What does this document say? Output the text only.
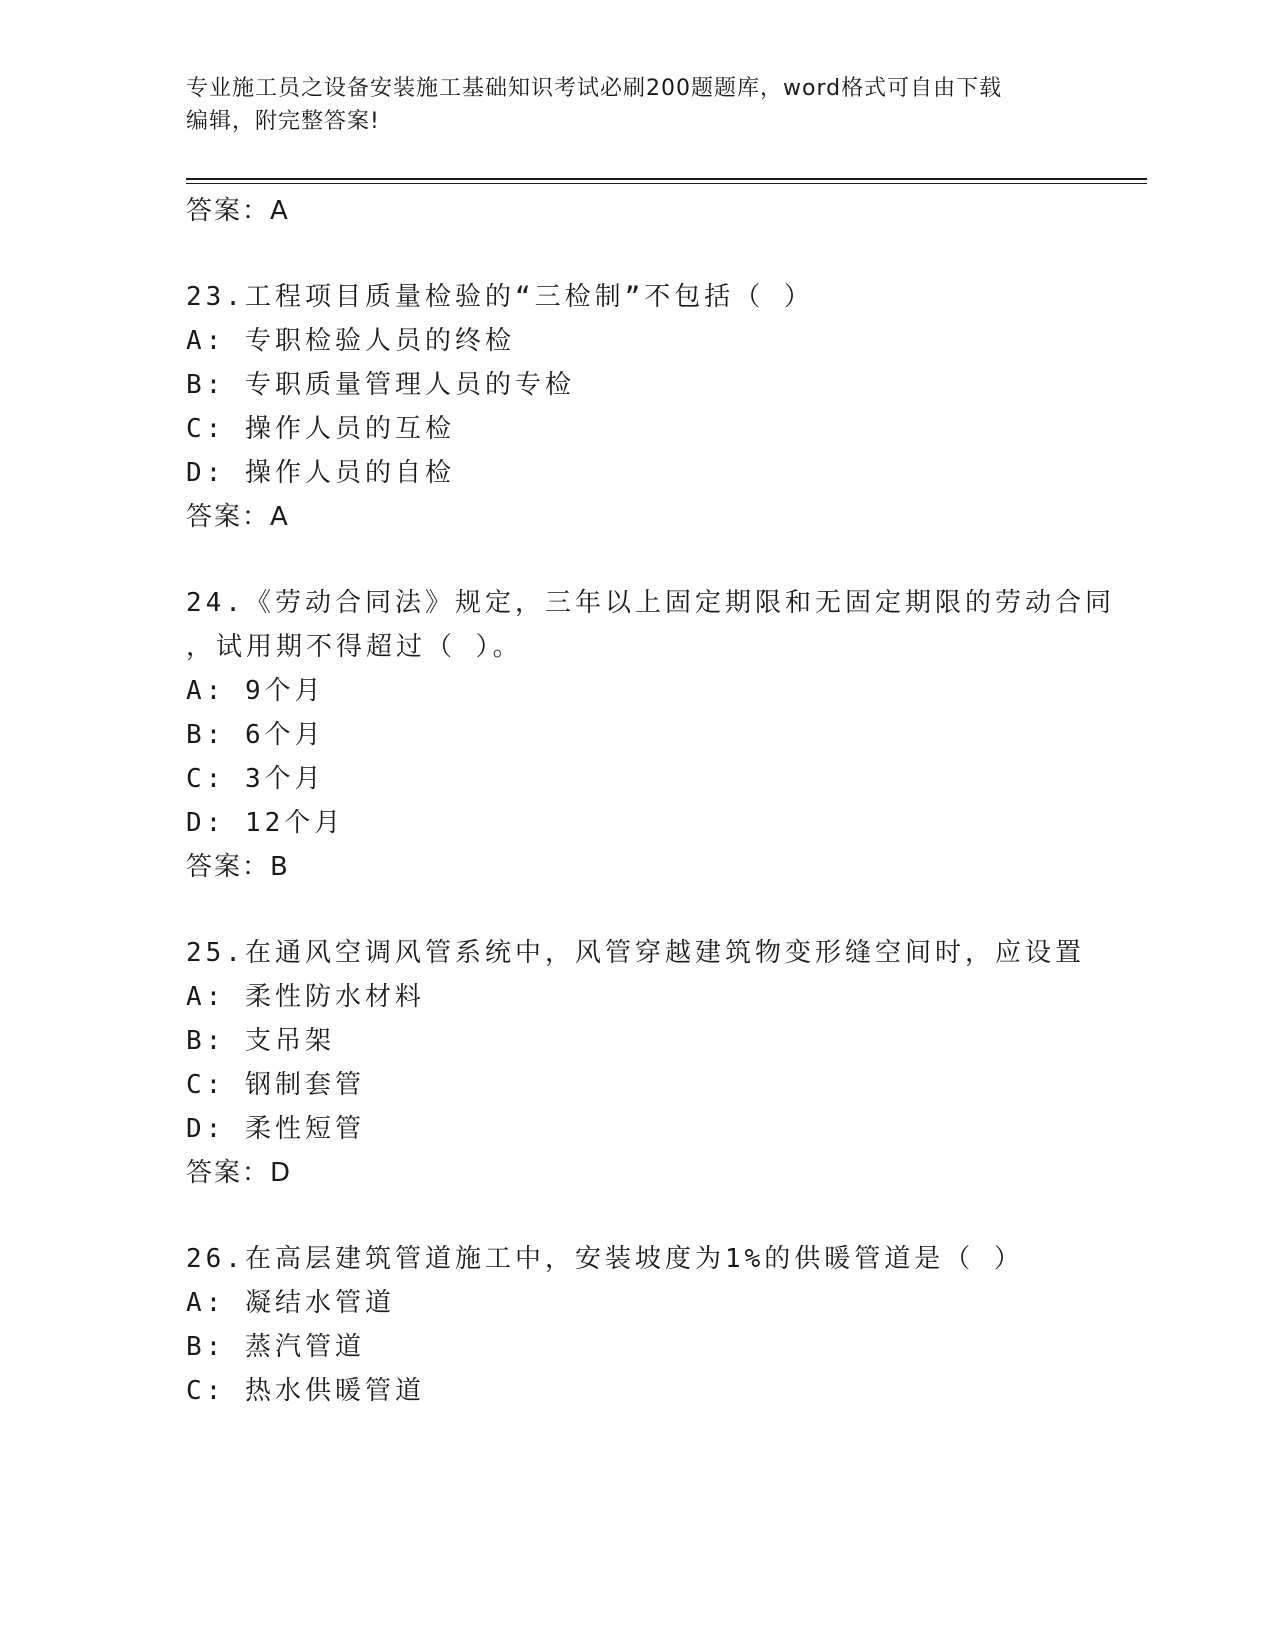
专业施工员之设备安装施工基础知识考试必刷200题题库，word格式可自由下载
编辑，附完整答案!
答案：A
23.工程项目质量检验的“三检制”不包括（ ）
A: 专职检验人员的终检
B: 专职质量管理人员的专检
C: 操作人员的互检
D: 操作人员的自检
答案：A
24.《劳动合同法》规定，三年以上固定期限和无固定期限的劳动合同
，试用期不得超过（ ）。
A: 9个月
B: 6个月
C: 3个月
D: 12个月
答案：B
25.在通风空调风管系统中，风管穿越建筑物变形缝空间时，应设置
A: 柔性防水材料
B: 支吊架
C: 钢制套管
D: 柔性短管
答案：D
26.在高层建筑管道施工中，安装坡度为1%的供暖管道是（ ）
A: 凝结水管道
B: 蒸汽管道
C: 热水供暖管道
